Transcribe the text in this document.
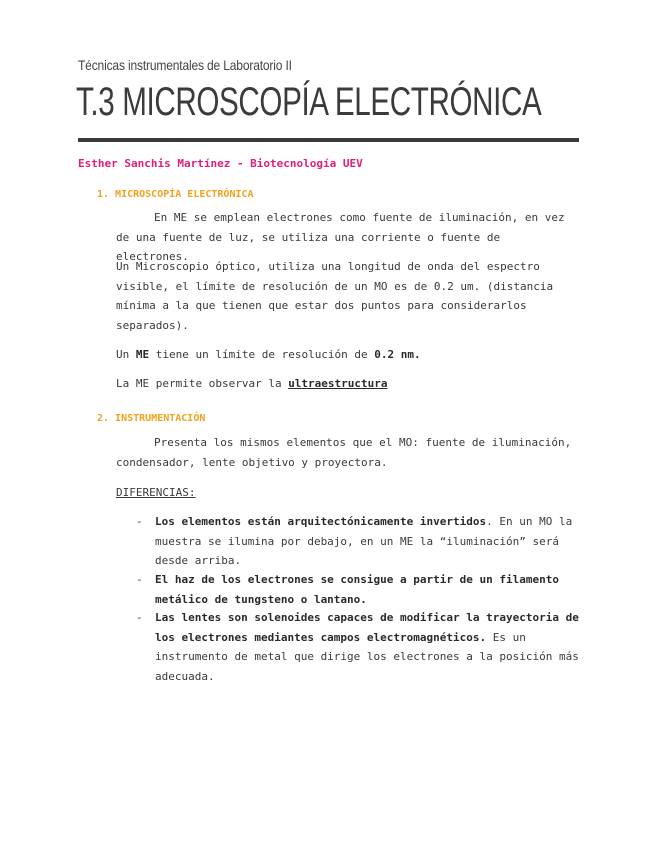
Técnicas instrumentales de Laboratorio II
T.3 MICROSCOPÍA ELECTRÓNICA
Esther Sanchis Martínez - Biotecnología UEV
1. MICROSCOPÍA ELECTRÓNICA
En ME se emplean electrones como fuente de iluminación, en vez de una fuente de luz, se utiliza una corriente o fuente de electrones.
Un Microscopio óptico, utiliza una longitud de onda del espectro visible, el límite de resolución de un MO es de 0.2 um. (distancia mínima a la que tienen que estar dos puntos para considerarlos separados).
Un ME tiene un límite de resolución de 0.2 nm.
La ME permite observar la ultraestructura
2. INSTRUMENTACIÓN
Presenta los mismos elementos que el MO: fuente de iluminación, condensador, lente objetivo y proyectora.
DIFERENCIAS:
-	Los elementos están arquitectónicamente invertidos. En un MO la muestra se ilumina por debajo, en un ME la “iluminación” será desde arriba.
-	El haz de los electrones se consigue a partir de un filamento metálico de tungsteno o lantano.
-	Las lentes son solenoides capaces de modificar la trayectoria de los electrones mediantes campos electromagnéticos. Es un instrumento de metal que dirige los electrones a la posición más adecuada.
